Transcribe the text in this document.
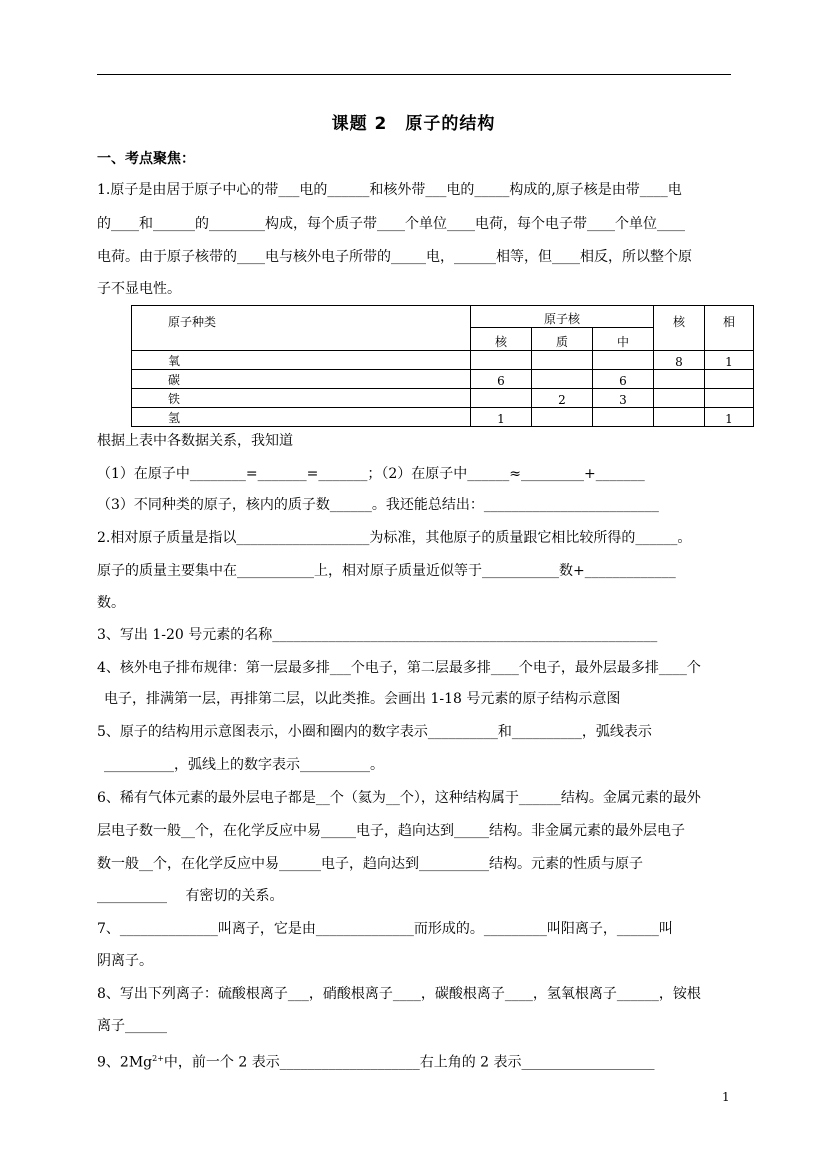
课题 2　原子的结构
一、考点聚焦：
1.原子是由居于原子中心的带___电的______和核外带___电的_____构成的,原子核是由带____电
的____和______的________构成，每个质子带____个单位____电荷，每个电子带____个单位____
电荷。由于原子核带的____电与核外电子所带的_____电，______相等，但____相反，所以整个原
子不显电性。
原子种类	原子核			核	相
	核	质	中		
氧				8	1
碳	6		6		
铁		2	3		
氢	1				1
根据上表中各数据关系，我知道
（1）在原子中________=_______=_______；（2）在原子中______≈_________+_______
（3）不同种类的原子，核内的质子数______。我还能总结出：_________________________
2.相对原子质量是指以___________________为标准，其他原子的质量跟它相比较所得的______。
原子的质量主要集中在___________上，相对原子质量近似等于___________数+_____________
数。
3、写出 1-20 号元素的名称_______________________________________________________
4、核外电子排布规律：第一层最多排___个电子，第二层最多排____个电子，最外层最多排____个
电子，排满第一层，再排第二层，以此类推。会画出 1-18 号元素的原子结构示意图
5、原子的结构用示意图表示，小圈和圈内的数字表示__________和__________，弧线表示
__________，弧线上的数字表示__________。
6、稀有气体元素的最外层电子都是__个（氦为__个），这种结构属于______结构。金属元素的最外
层电子数一般__个，在化学反应中易_____电子，趋向达到_____结构。非金属元素的最外层电子
数一般__个，在化学反应中易______电子，趋向达到__________结构。元素的性质与原子
__________　 有密切的关系。
7、______________叫离子，它是由______________而形成的。_________叫阳离子，______叫
阴离子。
8、写出下列离子：硫酸根离子___，硝酸根离子____，碳酸根离子____，氢氧根离子______，铵根
离子______
9、$2Mg^{2+}$中，前一个 2 表示____________________右上角的 2 表示___________________
1
